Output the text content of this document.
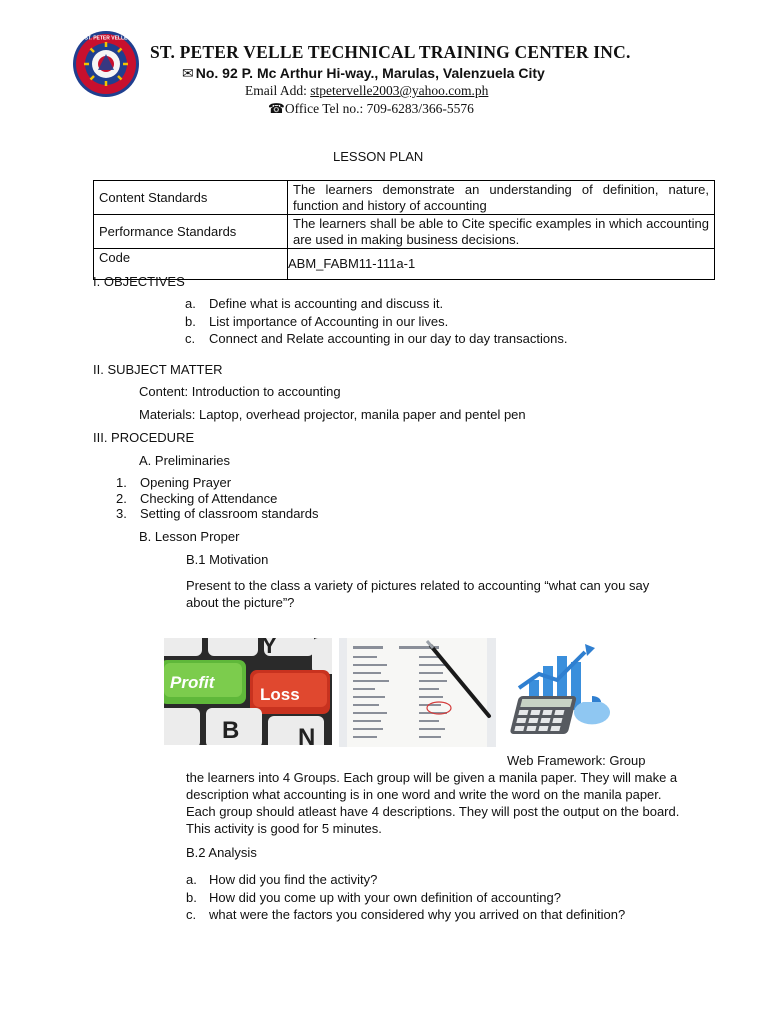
ST. PETER VELLE
ST. PETER VELLE TECHNICAL TRAINING CENTER INC.
✉ No. 92 P. Mc Arthur Hi-way., Marulas, Valenzuela City
Email Add: stpetervelle2003@yahoo.com.ph
☎Office Tel no.: 709-6283/366-5576
LESSON PLAN
Content Standards	The learners demonstrate an understanding of definition, nature, function and history of accounting
Performance Standards	The learners shall be able to Cite specific examples in which accounting are used in making business decisions.
Code	ABM_FABM11-111a-1
I. OBJECTIVES
a. Define what is accounting and discuss it.
b. List importance of Accounting in our lives.
c. Connect and Relate accounting in our day to day transactions.
II. SUBJECT MATTER
Content: Introduction to accounting
Materials: Laptop, overhead projector, manila paper and pentel pen
III. PROCEDURE
A. Preliminaries
1. Opening Prayer
2. Checking of Attendance
3. Setting of classroom standards
B. Lesson Proper
B.1 Motivation
Present to the class a variety of pictures related to accounting “what can you say about the picture”?
Y
Profit
Loss
B N
Web Framework: Group
the learners into 4 Groups. Each group will be given a manila paper. They will make a description what accounting is in one word and write the word on the manila paper. Each group should atleast have 4 descriptions. They will post the output on the board. This activity is good for 5 minutes.
B.2 Analysis
a. How did you find the activity?
b. How did you come up with your own definition of accounting?
c. what were the factors you considered why you arrived on that definition?
